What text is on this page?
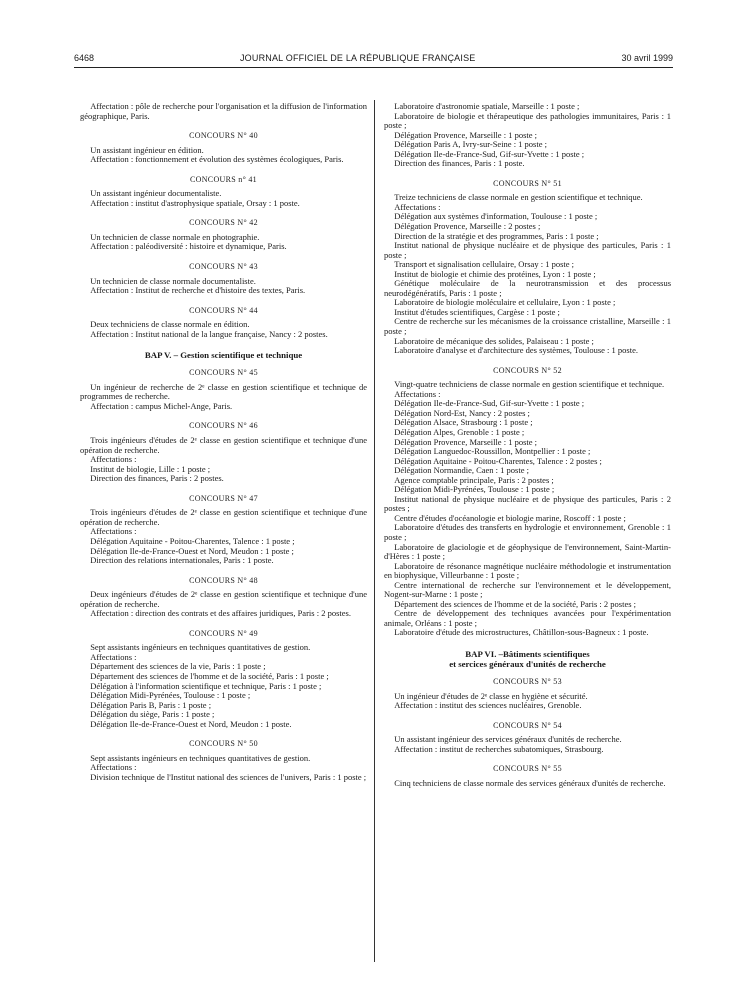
6468	JOURNAL OFFICIEL DE LA RÉPUBLIQUE FRANÇAISE	30 avril 1999

Affectation : pôle de recherche pour l'organisation et la diffusion de l'information géographique, Paris.

CONCOURS N° 40

Un assistant ingénieur en édition.

Affectation : fonctionnement et évolution des systèmes écologiques, Paris.

CONCOURS n° 41

Un assistant ingénieur documentaliste.

Affectation : institut d'astrophysique spatiale, Orsay : 1 poste.

CONCOURS N° 42

Un technicien de classe normale en photographie.

Affectation : paléodiversité : histoire et dynamique, Paris.

CONCOURS N° 43

Un technicien de classe normale documentaliste.

Affectation : Institut de recherche et d'histoire des textes, Paris.

CONCOURS N° 44

Deux techniciens de classe normale en édition.

Affectation : Institut national de la langue française, Nancy : 2 postes.

BAP V. – Gestion scientifique et technique
CONCOURS N° 45

Un ingénieur de recherche de 2ᵉ classe en gestion scientifique et technique de programmes de recherche.

Affectation : campus Michel-Ange, Paris.

CONCOURS N° 46

Trois ingénieurs d'études de 2ᵉ classe en gestion scientifique et technique d'une opération de recherche.

Affectations :

Institut de biologie, Lille : 1 poste ;

Direction des finances, Paris : 2 postes.

CONCOURS N° 47

Trois ingénieurs d'études de 2ᵉ classe en gestion scientifique et technique d'une opération de recherche.

Affectations :

Délégation Aquitaine - Poitou-Charentes, Talence : 1 poste ;

Délégation Ile-de-France-Ouest et Nord, Meudon : 1 poste ;

Direction des relations internationales, Paris : 1 poste.

CONCOURS N° 48

Deux ingénieurs d'études de 2ᵉ classe en gestion scientifique et technique d'une opération de recherche.

Affectation : direction des contrats et des affaires juridiques, Paris : 2 postes.

CONCOURS N° 49

Sept assistants ingénieurs en techniques quantitatives de gestion.

Affectations :

Département des sciences de la vie, Paris : 1 poste ;

Département des sciences de l'homme et de la société, Paris : 1 poste ;

Délégation à l'information scientifique et technique, Paris : 1 poste ;

Délégation Midi-Pyrénées, Toulouse : 1 poste ;

Délégation Paris B, Paris : 1 poste ;

Délégation du siège, Paris : 1 poste ;

Délégation Ile-de-France-Ouest et Nord, Meudon : 1 poste.

CONCOURS N° 50

Sept assistants ingénieurs en techniques quantitatives de gestion.

Affectations :

Division technique de l'Institut national des sciences de l'univers, Paris : 1 poste ;

Laboratoire d'astronomie spatiale, Marseille : 1 poste ;

Laboratoire de biologie et thérapeutique des pathologies immunitaires, Paris : 1 poste ;

Délégation Provence, Marseille : 1 poste ;

Délégation Paris A, Ivry-sur-Seine : 1 poste ;

Délégation Ile-de-France-Sud, Gif-sur-Yvette : 1 poste ;

Direction des finances, Paris : 1 poste.

CONCOURS N° 51

Treize techniciens de classe normale en gestion scientifique et technique.

Affectations :

Délégation aux systèmes d'information, Toulouse : 1 poste ;

Délégation Provence, Marseille : 2 postes ;

Direction de la stratégie et des programmes, Paris : 1 poste ;

Institut national de physique nucléaire et de physique des particules, Paris : 1 poste ;

Transport et signalisation cellulaire, Orsay : 1 poste ;

Institut de biologie et chimie des protéines, Lyon : 1 poste ;

Génétique moléculaire de la neurotransmission et des processus neurodégénératifs, Paris : 1 poste ;

Laboratoire de biologie moléculaire et cellulaire, Lyon : 1 poste ;

Institut d'études scientifiques, Cargèse : 1 poste ;

Centre de recherche sur les mécanismes de la croissance cristalline, Marseille : 1 poste ;

Laboratoire de mécanique des solides, Palaiseau : 1 poste ;

Laboratoire d'analyse et d'architecture des systèmes, Toulouse : 1 poste.

CONCOURS N° 52

Vingt-quatre techniciens de classe normale en gestion scientifique et technique.

Affectations :

Délégation Ile-de-France-Sud, Gif-sur-Yvette : 1 poste ;

Délégation Nord-Est, Nancy : 2 postes ;

Délégation Alsace, Strasbourg : 1 poste ;

Délégation Alpes, Grenoble : 1 poste ;

Délégation Provence, Marseille : 1 poste ;

Délégation Languedoc-Roussillon, Montpellier : 1 poste ;

Délégation Aquitaine - Poitou-Charentes, Talence : 2 postes ;

Délégation Normandie, Caen : 1 poste ;

Agence comptable principale, Paris : 2 postes ;

Délégation Midi-Pyrénées, Toulouse : 1 poste ;

Institut national de physique nucléaire et de physique des particules, Paris : 2 postes ;

Centre d'études d'océanologie et biologie marine, Roscoff : 1 poste ;

Laboratoire d'études des transferts en hydrologie et environnement, Grenoble : 1 poste ;

Laboratoire de glaciologie et de géophysique de l'environnement, Saint-Martin-d'Hères : 1 poste ;

Laboratoire de résonance magnétique nucléaire méthodologie et instrumentation en biophysique, Villeurbanne : 1 poste ;

Centre international de recherche sur l'environnement et le développement, Nogent-sur-Marne : 1 poste ;

Département des sciences de l'homme et de la société, Paris : 2 postes ;

Centre de développement des techniques avancées pour l'expérimentation animale, Orléans : 1 poste ;

Laboratoire d'étude des microstructures, Châtillon-sous-Bagneux : 1 poste.

BAP VI. –Bâtiments scientifiques
et sercices généraux d'unités de recherche
CONCOURS N° 53

Un ingénieur d'études de 2ᵉ classe en hygiène et sécurité.

Affectation : institut des sciences nucléaires, Grenoble.

CONCOURS N° 54

Un assistant ingénieur des services généraux d'unités de recherche.

Affectation : institut de recherches subatomiques, Strasbourg.

CONCOURS N° 55

Cinq techniciens de classe normale des services généraux d'unités de recherche.
